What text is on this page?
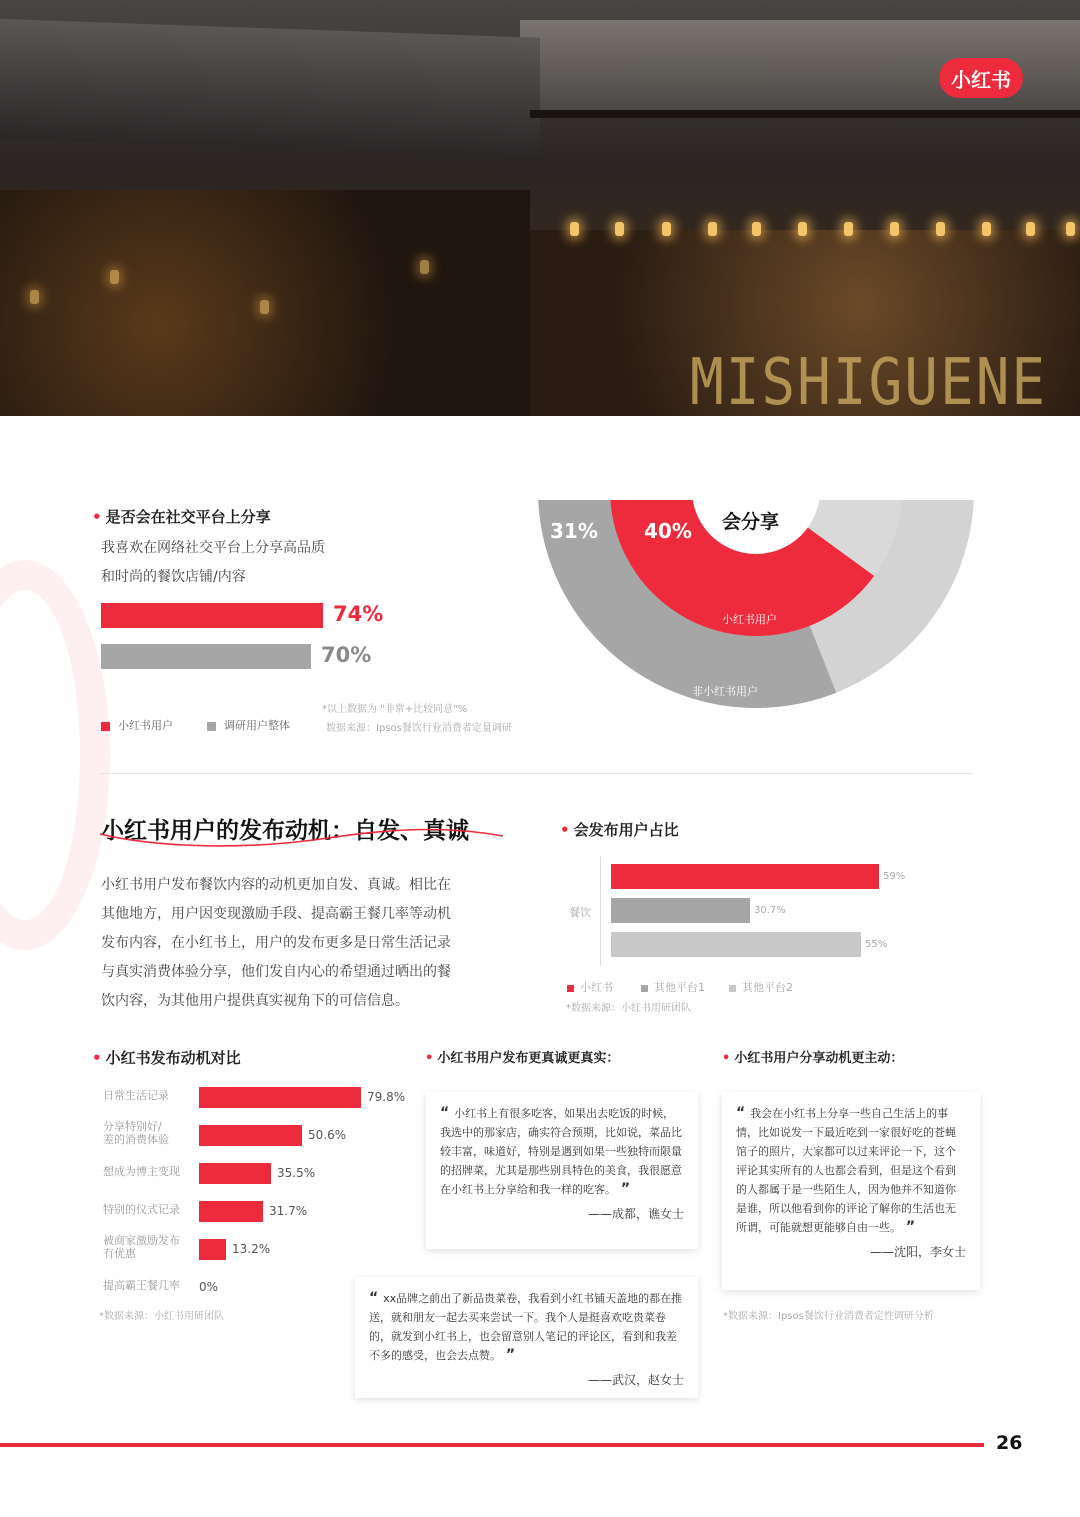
MISHIGUENE
小红书
• 是否会在社交平台上分享
我喜欢在网络社交平台上分享高品质
和时尚的餐饮店铺/内容
74%
70%
小红书用户	调研用户整体
*以上数据为 "非常+比较同意"%
数据来源：Ipsos餐饮行业消费者定量调研
40%
31%	会分享
小红书用户
非小红书用户
小红书用户的发布动机：自发、真诚
小红书用户发布餐饮内容的动机更加自发、真诚。相比在
其他地方，用户因变现激励手段、提高霸王餐几率等动机
发布内容，在小红书上，用户的发布更多是日常生活记录
与真实消费体验分享，他们发自内心的希望通过晒出的餐
饮内容，为其他用户提供真实视角下的可信信息。
• 会发布用户占比
餐饮
59%
30.7%
55%
小红书	其他平台1	其他平台2
*数据来源：小红书用研团队
• 小红书发布动机对比
日常生活记录	79.8%
分享特别好/
差的消费体验	50.6%
想成为博主变现	35.5%
特别的仪式记录	31.7%
被商家激励发布
有优惠	13.2%
提高霸王餐几率 0%
*数据来源：小红书用研团队
• 小红书用户发布更真诚更真实：	• 小红书用户分享动机更主动：
“ 小红书上有很多吃客，如果出去吃饭的时候，我选中的那家店，确实符合预期，比如说，菜品比较丰富，味道好，特别是遇到如果一些独特而限量的招牌菜，尤其是那些别具特色的美食，我很愿意在小红书上分享给和我一样的吃客。 ”
——成都，谯女士
“ xx品牌之前出了新品贵菜卷，我看到小红书铺天盖地的都在推送，就和朋友一起去买来尝试一下。我个人是挺喜欢吃贵菜卷的，就发到小红书上，也会留意别人笔记的评论区，看到和我差不多的感受，也会去点赞。 ”
——武汉，赵女士
“ 我会在小红书上分享一些自己生活上的事情，比如说发一下最近吃到一家很好吃的苍蝇馆子的照片，大家都可以过来评论一下，这个评论其实所有的人也都会看到，但是这个看到的人都属于是一些陌生人，因为他并不知道你是谁，所以他看到你的评论了解你的生活也无所谓，可能就想更能够自由一些。 ”
——沈阳，李女士
*数据来源：Ipsos餐饮行业消费者定性调研分析
26
